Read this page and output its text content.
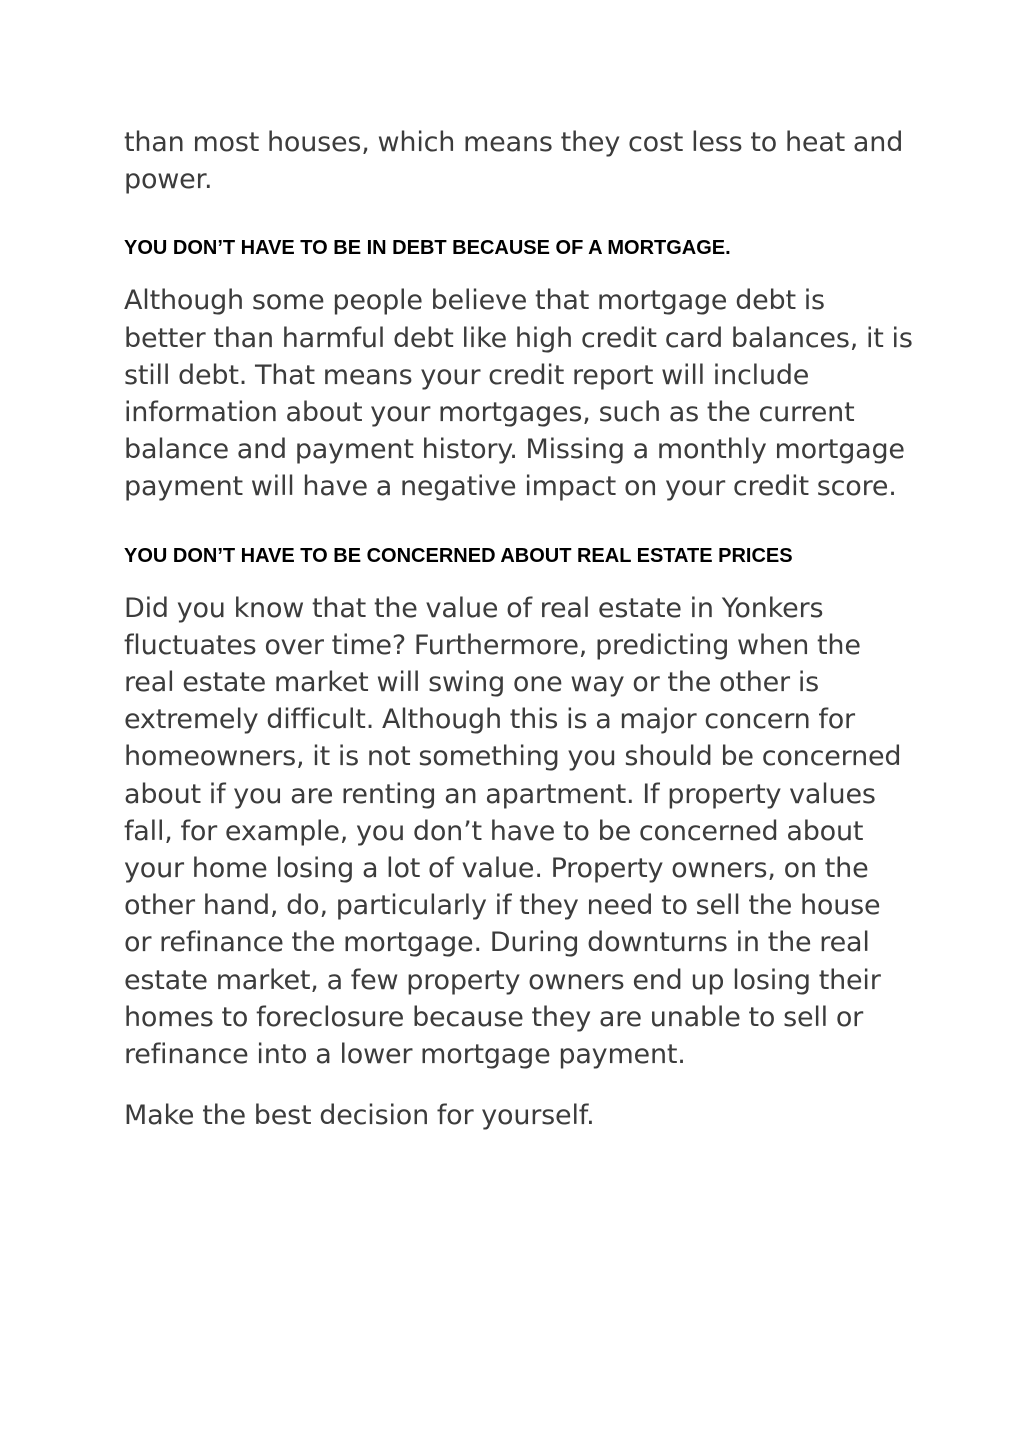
than most houses, which means they cost less to heat and power.

YOU DON’T HAVE TO BE IN DEBT BECAUSE OF A MORTGAGE.

Although some people believe that mortgage debt is better than harmful debt like high credit card balances, it is still debt. That means your credit report will include information about your mortgages, such as the current balance and payment history. Missing a monthly mortgage payment will have a negative impact on your credit score.

YOU DON’T HAVE TO BE CONCERNED ABOUT REAL ESTATE PRICES

Did you know that the value of real estate in Yonkers fluctuates over time? Furthermore, predicting when the real estate market will swing one way or the other is extremely difficult. Although this is a major concern for homeowners, it is not something you should be concerned about if you are renting an apartment. If property values fall, for example, you don’t have to be concerned about your home losing a lot of value. Property owners, on the other hand, do, particularly if they need to sell the house or refinance the mortgage. During downturns in the real estate market, a few property owners end up losing their homes to foreclosure because they are unable to sell or refinance into a lower mortgage payment.

Make the best decision for yourself.
